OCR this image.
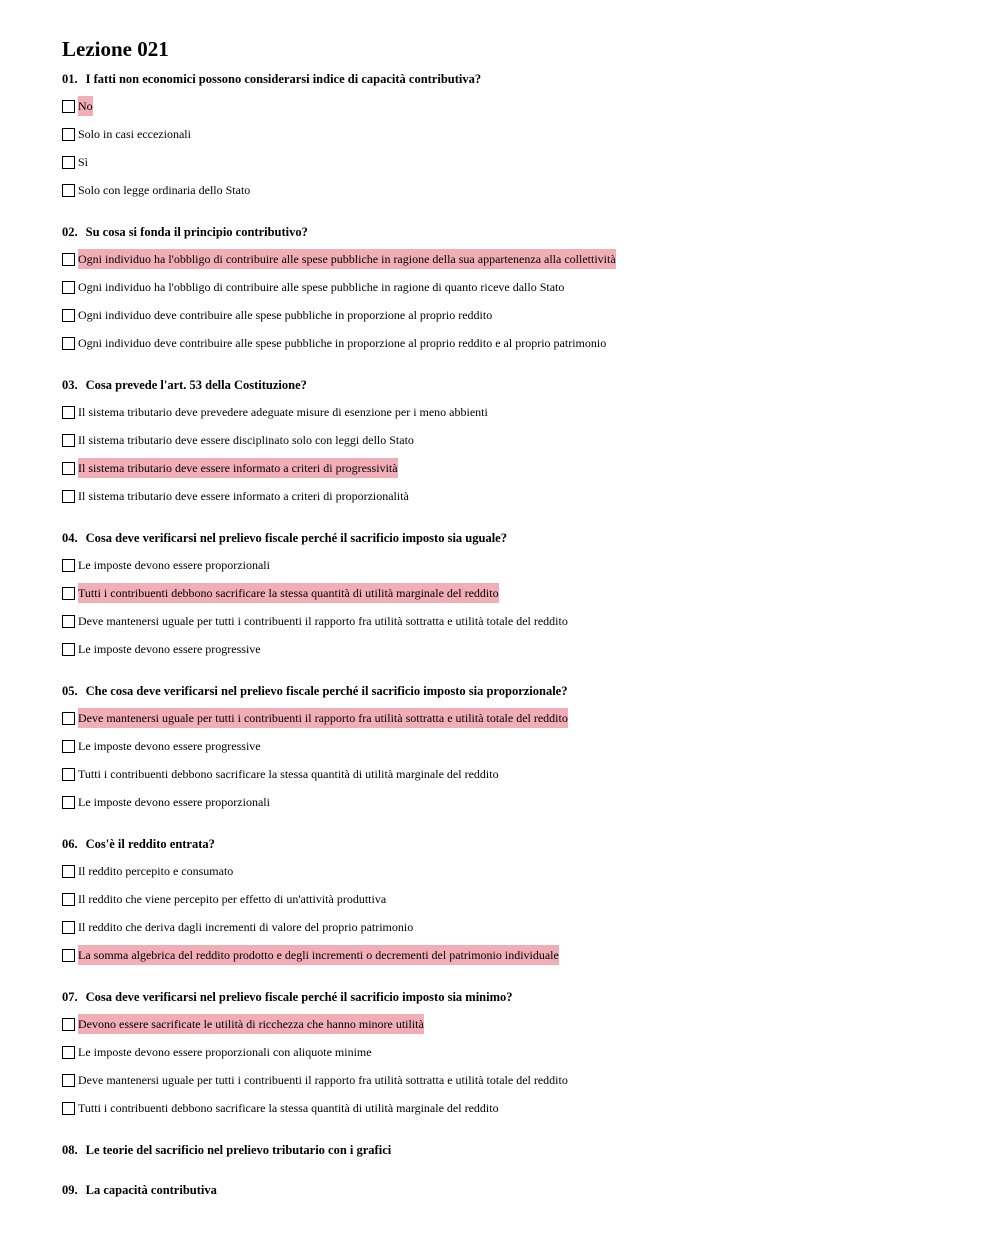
Lezione 021
01. I fatti non economici possono considerarsi indice di capacità contributiva?
No
Solo in casi eccezionali
Sì
Solo con legge ordinaria dello Stato
02. Su cosa si fonda il principio contributivo?
Ogni individuo ha l'obbligo di contribuire alle spese pubbliche in ragione della sua appartenenza alla collettività
Ogni individuo ha l'obbligo di contribuire alle spese pubbliche in ragione di quanto riceve dallo Stato
Ogni individuo deve contribuire alle spese pubbliche in proporzione al proprio reddito
Ogni individuo deve contribuire alle spese pubbliche in proporzione al proprio reddito e al proprio patrimonio
03. Cosa prevede l'art. 53 della Costituzione?
Il sistema tributario deve prevedere adeguate misure di esenzione per i meno abbienti
Il sistema tributario deve essere disciplinato solo con leggi dello Stato
Il sistema tributario deve essere informato a criteri di progressività
Il sistema tributario deve essere informato a criteri di proporzionalità
04. Cosa deve verificarsi nel prelievo fiscale perché il sacrificio imposto sia uguale?
Le imposte devono essere proporzionali
Tutti i contribuenti debbono sacrificare la stessa quantità di utilità marginale del reddito
Deve mantenersi uguale per tutti i contribuenti il rapporto fra utilità sottratta e utilità totale del reddito
Le imposte devono essere progressive
05. Che cosa deve verificarsi nel prelievo fiscale perché il sacrificio imposto sia proporzionale?
Deve mantenersi uguale per tutti i contribuenti il rapporto fra utilità sottratta e utilità totale del reddito
Le imposte devono essere progressive
Tutti i contribuenti debbono sacrificare la stessa quantità di utilità marginale del reddito
Le imposte devono essere proporzionali
06. Cos'è il reddito entrata?
Il reddito percepito e consumato
Il reddito che viene percepito per effetto di un'attività produttiva
Il reddito che deriva dagli incrementi di valore del proprio patrimonio
La somma algebrica del reddito prodotto e degli incrementi o decrementi del patrimonio individuale
07. Cosa deve verificarsi nel prelievo fiscale perché il sacrificio imposto sia minimo?
Devono essere sacrificate le utilità di ricchezza che hanno minore utilità
Le imposte devono essere proporzionali con aliquote minime
Deve mantenersi uguale per tutti i contribuenti il rapporto fra utilità sottratta e utilità totale del reddito
Tutti i contribuenti debbono sacrificare la stessa quantità di utilità marginale del reddito
08. Le teorie del sacrificio nel prelievo tributario con i grafici
09. La capacità contributiva
